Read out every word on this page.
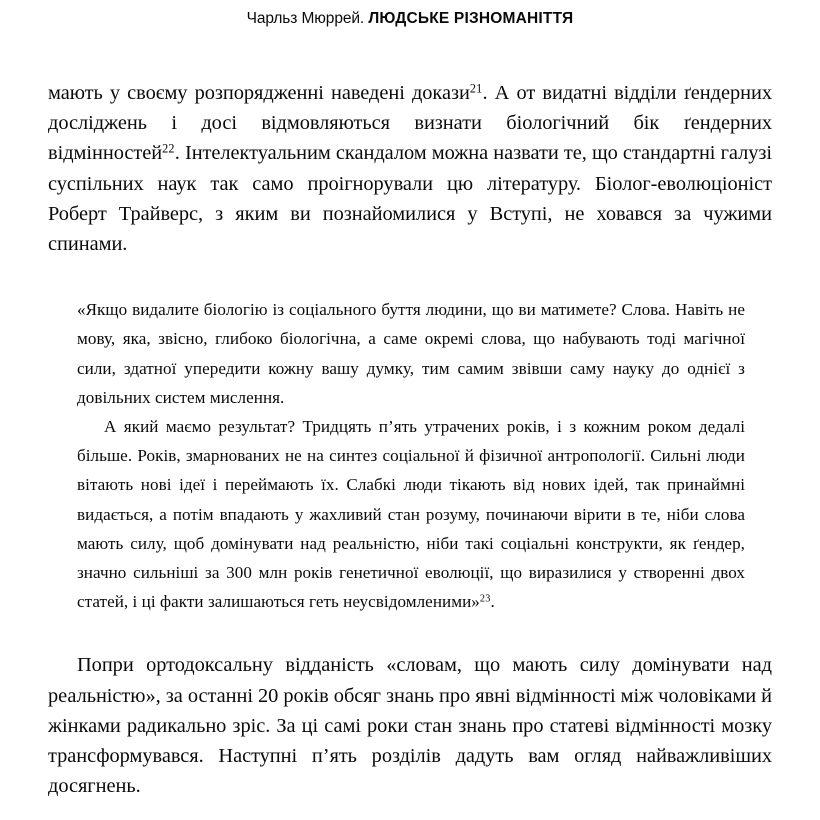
Чарльз Мюррей. ЛЮДСЬКЕ РІЗНОМАНІТТЯ

мають у своєму розпорядженні наведені докази$^{21}$. А от видатні відділи ґендерних досліджень і досі відмовляються визнати біологічний бік ґендерних відмінностей$^{22}$. Інтелектуальним скандалом можна назвати те, що стандартні галузі суспільних наук так само проігнорували цю літературу. Біолог-еволюціоніст Роберт Трайверс, з яким ви познайомилися у Вступі, не ховався за чужими спинами.

«Якщо видалите біологію із соціального буття людини, що ви матимете? Слова. Навіть не мову, яка, звісно, глибоко біологічна, а саме окремі слова, що набувають тоді магічної сили, здатної упередити кожну вашу думку, тим самим звівши саму науку до однієї з довільних систем мислення.

А який маємо результат? Тридцять п’ять утрачених років, і з кожним роком дедалі більше. Років, змарнованих не на синтез соціальної й фізичної антропології. Сильні люди вітають нові ідеї і переймають їх. Слабкі люди тікають від нових ідей, так принаймні видається, а потім впадають у жахливий стан розуму, починаючи вірити в те, ніби слова мають силу, щоб домінувати над реальністю, ніби такі соціальні конструкти, як ґендер, значно сильніші за 300 млн років генетичної еволюції, що виразилися у створенні двох статей, і ці факти залишаються геть неусвідомленими»$^{23}$.

Попри ортодоксальну відданість «словам, що мають силу домінувати над реальністю», за останні 20 років обсяг знань про явні відмінності між чоловіками й жінками радикально зріс. За ці самі роки стан знань про статеві відмінності мозку трансформувався. Наступні п’ять розділів дадуть вам огляд найважливіших досягнень.
